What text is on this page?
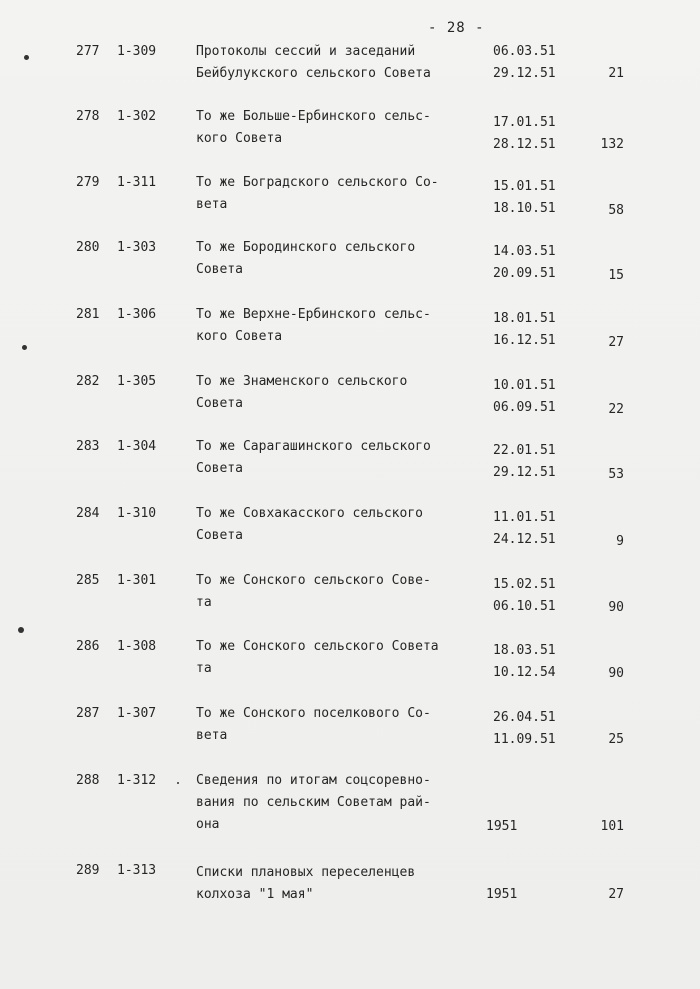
- 28 -
277 1-309	Протоколы сессий и заседаний
Бейбулукского сельского Совета
06.03.51
29.12.51	21
278 1-302	То же Больше-Ербинского сельс-
кого Совета
17.01.51
28.12.51	132
279 1-311	То же Боградского сельского Со-
вета
15.01.51
18.10.51	58
280 1-303	То же Бородинского сельского
Совета
14.03.51
20.09.51	15
281 1-306	То же Верхне-Ербинского сельс-
кого Совета
18.01.51
16.12.51	27
282 1-305	То же Знаменского сельского
Совета
10.01.51
06.09.51	22
283 1-304	То же Сарагашинского сельского
Совета
22.01.51
29.12.51	53
284 1-310	То же Совхакасского сельского
Совета
11.01.51
24.12.51	9
285 1-301	То же Сонского сельского Сове-
та
15.02.51
06.10.51	90
286 1-308	То же Сонского сельского Совета
та
18.03.51
10.12.54	90
287 1-307	То же Сонского поселкового Со-
вета
26.04.51
11.09.51	25
288 1-312	Сведения по итогам соцсоревно-
вания по сельским Советам рай-
она	1951	101
289 1-313	Списки плановых переселенцев
колхоза "1 мая"	1951	27
